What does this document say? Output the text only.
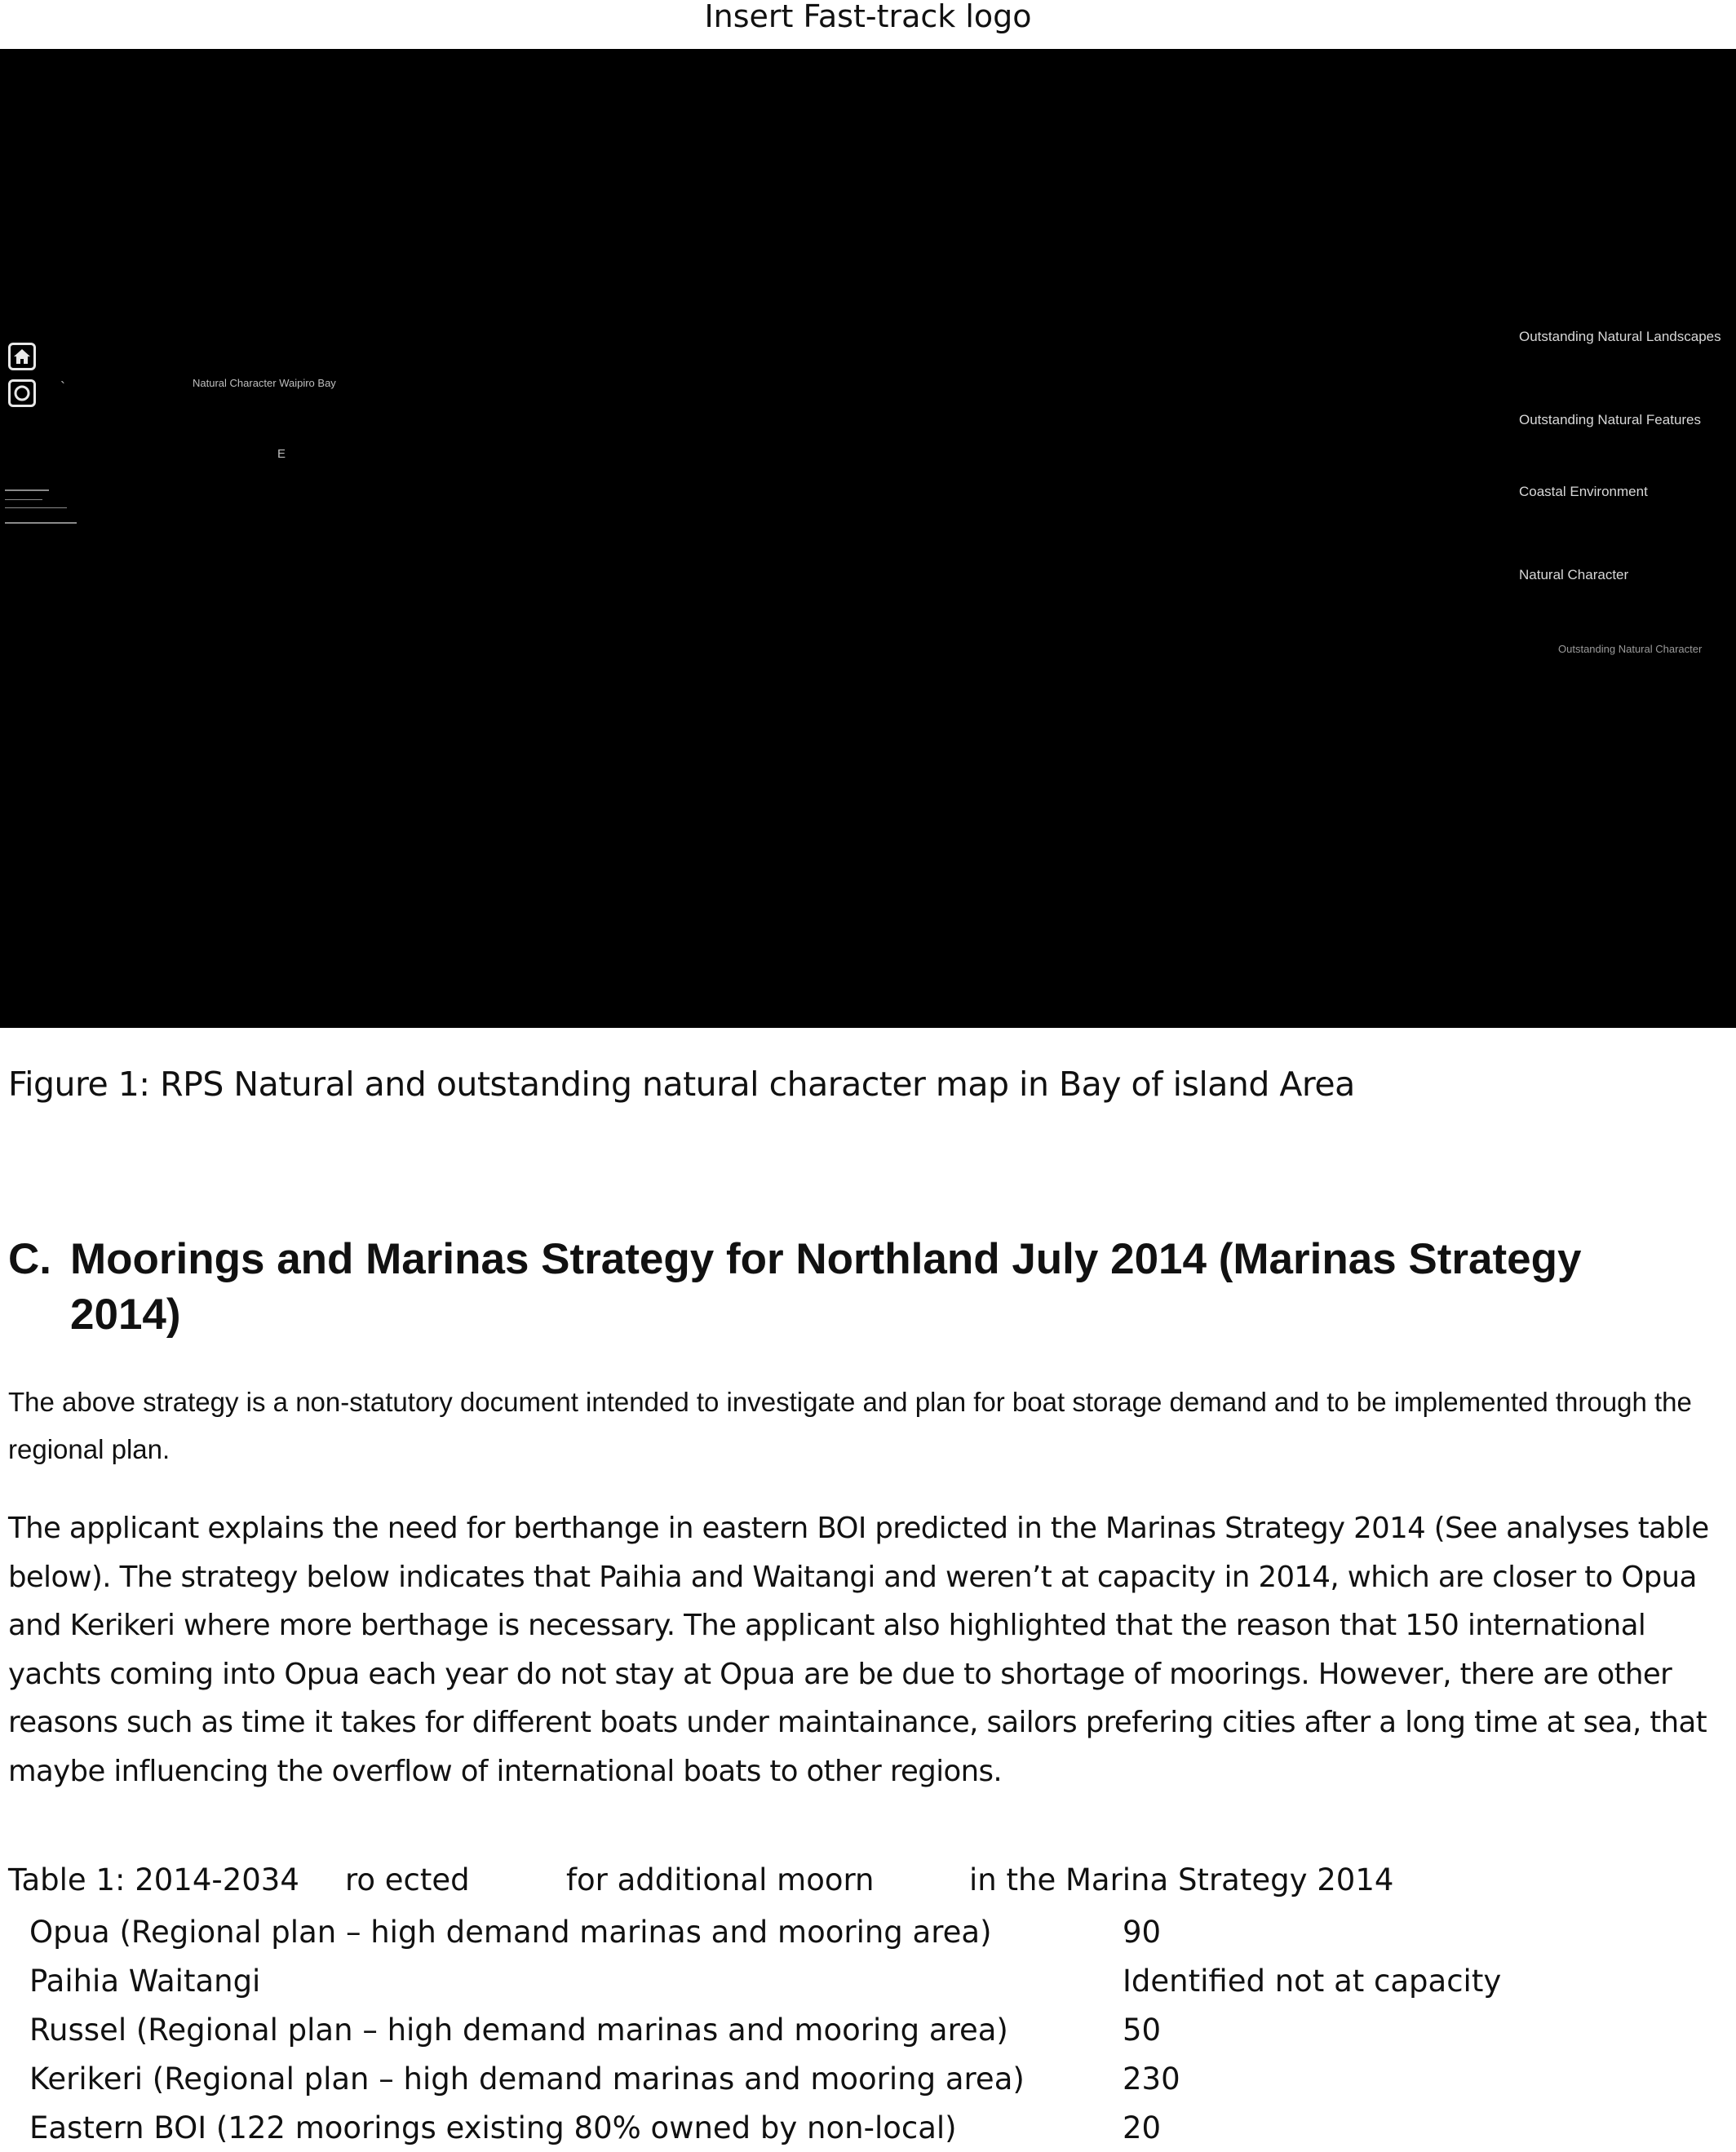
Insert Fast-track logo
`	Natural Character Waipiro Bay
E
Outstanding Natural Landscapes
Outstanding Natural Features
Coastal Environment
Natural Character
Outstanding Natural Character
Figure 1: RPS Natural and outstanding natural character map in Bay of island Area
C. Moorings and Marinas Strategy for Northland July 2014 (Marinas Strategy 2014)
The above strategy is a non-statutory document intended to investigate and plan for boat storage demand and to be implemented through the regional plan.
The applicant explains the need for berthange in eastern BOI predicted in the Marinas Strategy 2014 (See analyses table below). The strategy below indicates that Paihia and Waitangi and weren’t at capacity in 2014, which are closer to Opua and Kerikeri where more berthage is necessary. The applicant also highlighted that the reason that 150 international yachts coming into Opua each year do not stay at Opua are be due to shortage of moorings. However, there are other reasons such as time it takes for different boats under maintainance, sailors prefering cities after a long time at sea, that maybe influencing the overflow of international boats to other regions.
Table 1: 2014-2034 ro ected	for additional moorn	in the Marina Strategy 2014
Opua (Regional plan – high demand marinas and mooring area)	90
Paihia Waitangi	Identified not at capacity
Russel (Regional plan – high demand marinas and mooring area)	50
Kerikeri (Regional plan – high demand marinas and mooring area)	230
Eastern BOI (122 moorings existing 80% owned by non-local)	20
